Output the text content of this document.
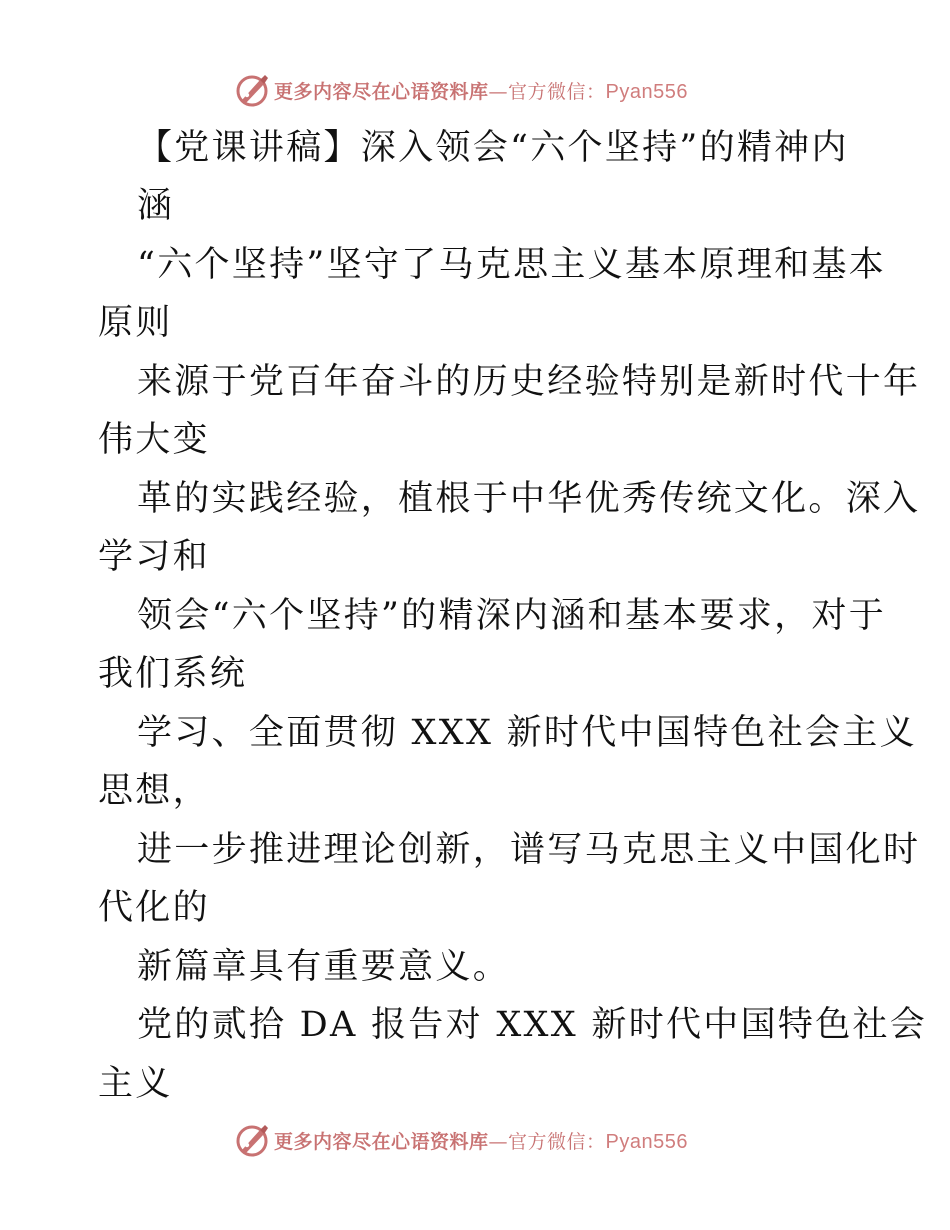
更多内容尽在心语资料库—官方微信：Pyan556
【党课讲稿】深入领会“六个坚持”的精神内
涵
“六个坚持”坚守了马克思主义基本原理和基本
原则
来源于党百年奋斗的历史经验特别是新时代十年
伟大变
革的实践经验，植根于中华优秀传统文化。深入
学习和
领会“六个坚持”的精深内涵和基本要求，对于
我们系统
学习、全面贯彻 XXX 新时代中国特色社会主义
思想，
进一步推进理论创新，谱写马克思主义中国化时
代化的
新篇章具有重要意义。
党的贰拾 DA 报告对 XXX 新时代中国特色社会
主义
更多内容尽在心语资料库—官方微信：Pyan556
